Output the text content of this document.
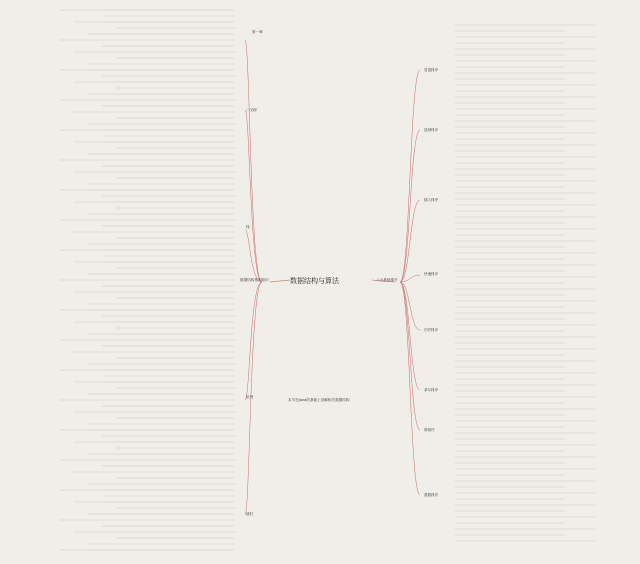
数据结构与算法
数据结构基础知识	八大基础排序
本节在Java的基础上讲解相关数据结构
第一章
二叉树
栈
队列
递归
冒泡排序
选择排序
插入排序
快速排序
归并排序
希尔排序
堆排序
基数排序
